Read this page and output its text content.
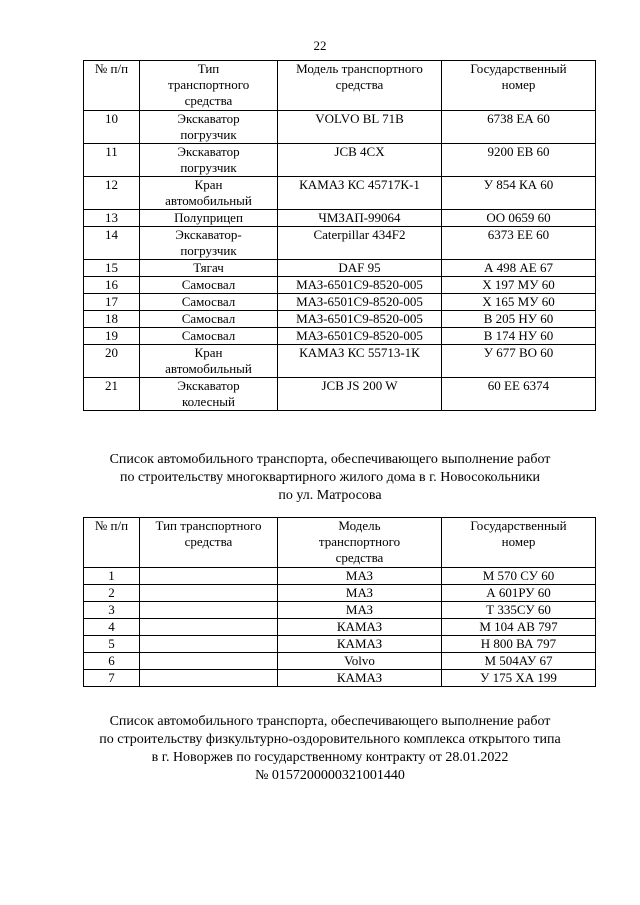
22
№ п/п	Тип транспортного средства	Модель транспортного средства	Государственный номер
10	Экскаватор погрузчик	VOLVO BL 71B	6738 ЕА 60
11	Экскаватор погрузчик	JCB 4CX	9200 ЕВ 60
12	Кран автомобильный	КАМАЗ КС 45717К-1	У 854 КА 60
13	Полуприцеп	ЧМЗАП-99064	ОО 0659 60
14	Экскаватор-погрузчик	Caterpillar 434F2	6373 ЕЕ 60
15	Тягач	DAF 95	А 498 АЕ 67
16	Самосвал	МАЗ-6501С9-8520-005	Х 197 МУ 60
17	Самосвал	МАЗ-6501С9-8520-005	Х 165 МУ 60
18	Самосвал	МАЗ-6501С9-8520-005	В 205 НУ 60
19	Самосвал	МАЗ-6501С9-8520-005	В 174 НУ 60
20	Кран автомобильный	КАМАЗ КС 55713-1К	У 677 ВО 60
21	Экскаватор колесный	JCB JS 200 W	60 ЕЕ 6374
Список автомобильного транспорта, обеспечивающего выполнение работ
по строительству многоквартирного жилого дома в г. Новосокольники
по ул. Матросова
№ п/п	Тип транспортного средства	Модель транспортного средства	Государственный номер
1		МАЗ	М 570 СУ 60
2		МАЗ	А 601РУ 60
3		МАЗ	Т 335СУ 60
4		КАМАЗ	М 104 АВ 797
5		КАМАЗ	Н 800 ВА 797
6		Volvo	М 504АУ 67
7		КАМАЗ	У 175 ХА 199
Список автомобильного транспорта, обеспечивающего выполнение работ
по строительству физкультурно-оздоровительного комплекса открытого типа
в г. Новоржев по государственному контракту от 28.01.2022
№ 0157200000321001440
